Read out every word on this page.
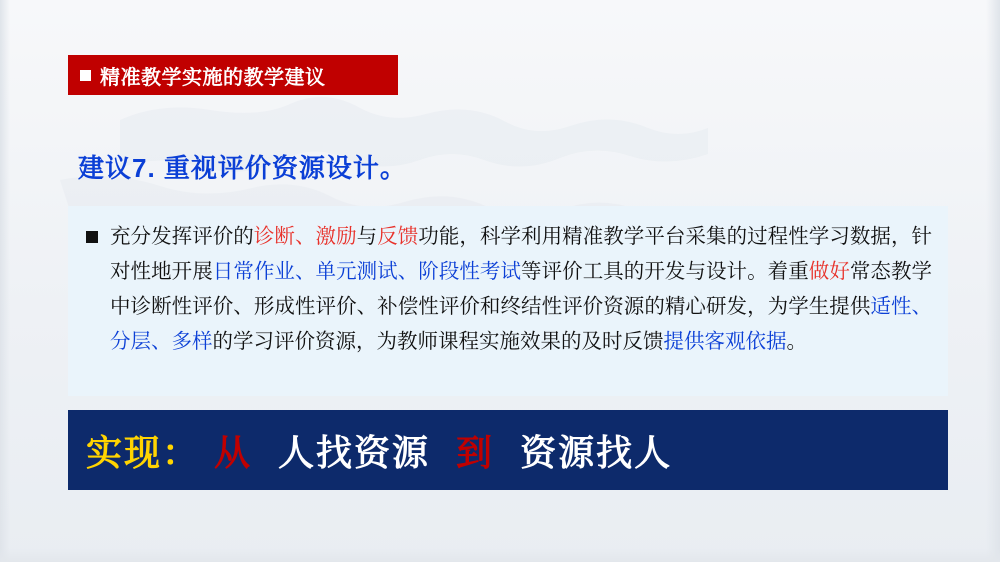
精准教学实施的教学建议
建议7. 重视评价资源设计。
充分发挥评价的诊断、激励与反馈功能，科学利用精准教学平台采集的过程性学习数据，针对性地开展日常作业、单元测试、阶段性考试等评价工具的开发与设计。着重做好常态教学中诊断性评价、形成性评价、补偿性评价和终结性评价资源的精心研发，为学生提供适性、分层、多样的学习评价资源，为教师课程实施效果的及时反馈提供客观依据。
实现： 从 人找资源 到 资源找人
